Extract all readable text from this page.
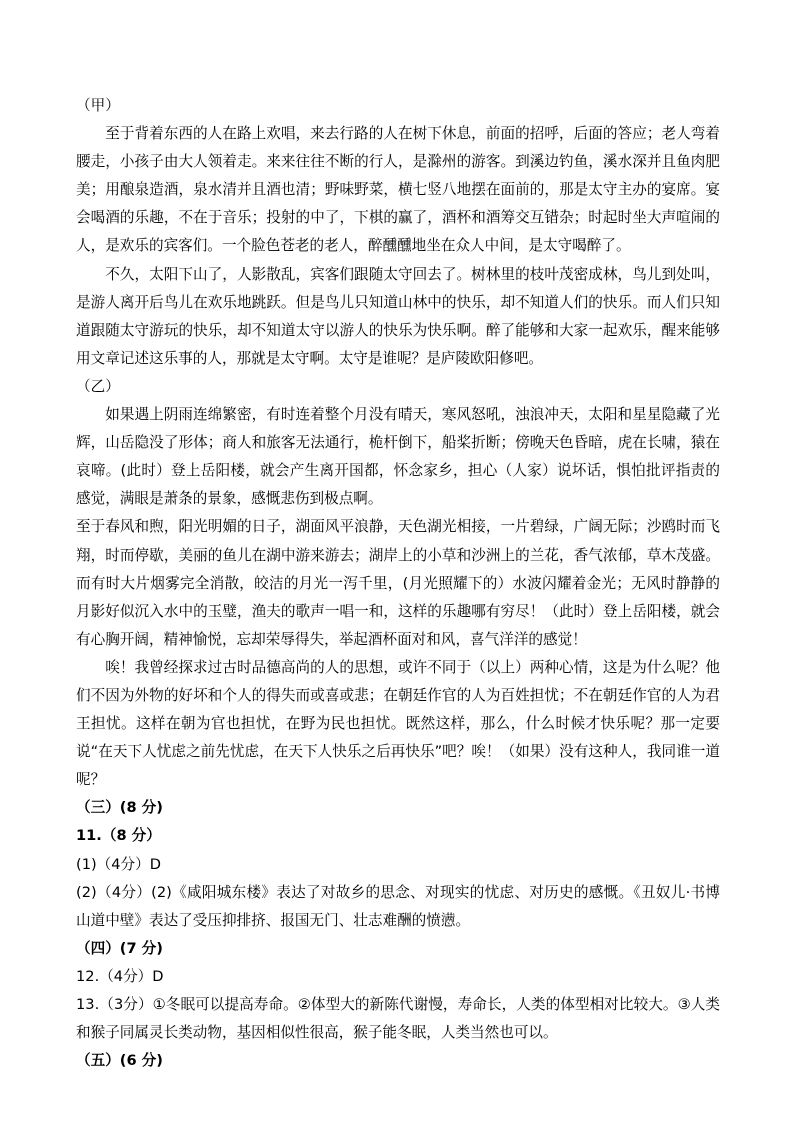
（甲）

至于背着东西的人在路上欢唱，来去行路的人在树下休息，前面的招呼，后面的答应；老人弯着腰走，小孩子由大人领着走。来来往往不断的行人，是滁州的游客。到溪边钓鱼，溪水深并且鱼肉肥美；用酿泉造酒，泉水清并且酒也清；野味野菜，横七竖八地摆在面前的，那是太守主办的宴席。宴会喝酒的乐趣，不在于音乐；投射的中了，下棋的赢了，酒杯和酒筹交互错杂；时起时坐大声喧闹的人，是欢乐的宾客们。一个脸色苍老的老人，醉醺醺地坐在众人中间，是太守喝醉了。

不久，太阳下山了，人影散乱，宾客们跟随太守回去了。树林里的枝叶茂密成林，鸟儿到处叫，是游人离开后鸟儿在欢乐地跳跃。但是鸟儿只知道山林中的快乐，却不知道人们的快乐。而人们只知道跟随太守游玩的快乐，却不知道太守以游人的快乐为快乐啊。醉了能够和大家一起欢乐，醒来能够用文章记述这乐事的人，那就是太守啊。太守是谁呢？是庐陵欧阳修吧。

（乙）

如果遇上阴雨连绵繁密，有时连着整个月没有晴天，寒风怒吼，浊浪冲天，太阳和星星隐藏了光辉，山岳隐没了形体；商人和旅客无法通行，桅杆倒下，船桨折断；傍晚天色昏暗，虎在长啸，猿在哀啼。(此时）登上岳阳楼，就会产生离开国都，怀念家乡，担心（人家）说坏话，惧怕批评指责的感觉，满眼是萧条的景象，感慨悲伤到极点啊。

至于春风和煦，阳光明媚的日子，湖面风平浪静，天色湖光相接，一片碧绿，广阔无际；沙鸥时而飞翔，时而停歇，美丽的鱼儿在湖中游来游去；湖岸上的小草和沙洲上的兰花，香气浓郁，草木茂盛。而有时大片烟雾完全消散，皎洁的月光一泻千里，(月光照耀下的）水波闪耀着金光；无风时静静的月影好似沉入水中的玉璧，渔夫的歌声一唱一和，这样的乐趣哪有穷尽！（此时）登上岳阳楼，就会有心胸开阔，精神愉悦，忘却荣辱得失，举起酒杯面对和风，喜气洋洋的感觉！

唉！我曾经探求过古时品德高尚的人的思想，或许不同于（以上）两种心情，这是为什么呢？他们不因为外物的好坏和个人的得失而或喜或悲；在朝廷作官的人为百姓担忧；不在朝廷作官的人为君王担忧。这样在朝为官也担忧，在野为民也担忧。既然这样，那么，什么时候才快乐呢？那一定要说“在天下人忧虑之前先忧虑，在天下人快乐之后再快乐”吧？唉！（如果）没有这种人，我同谁一道呢？

（三）(8 分)

11.（8 分）

(1)（4分）D

(2)（4分）(2)《咸阳城东楼》表达了对故乡的思念、对现实的忧虑、对历史的感慨。《丑奴儿·书博山道中壁》表达了受压抑排挤、报国无门、壮志难酬的愤懑。

（四）(7 分)

12.（4分）D

13.（3分）①冬眠可以提高寿命。②体型大的新陈代谢慢，寿命长，人类的体型相对比较大。③人类和猴子同属灵长类动物，基因相似性很高，猴子能冬眠，人类当然也可以。

（五）(6 分)
